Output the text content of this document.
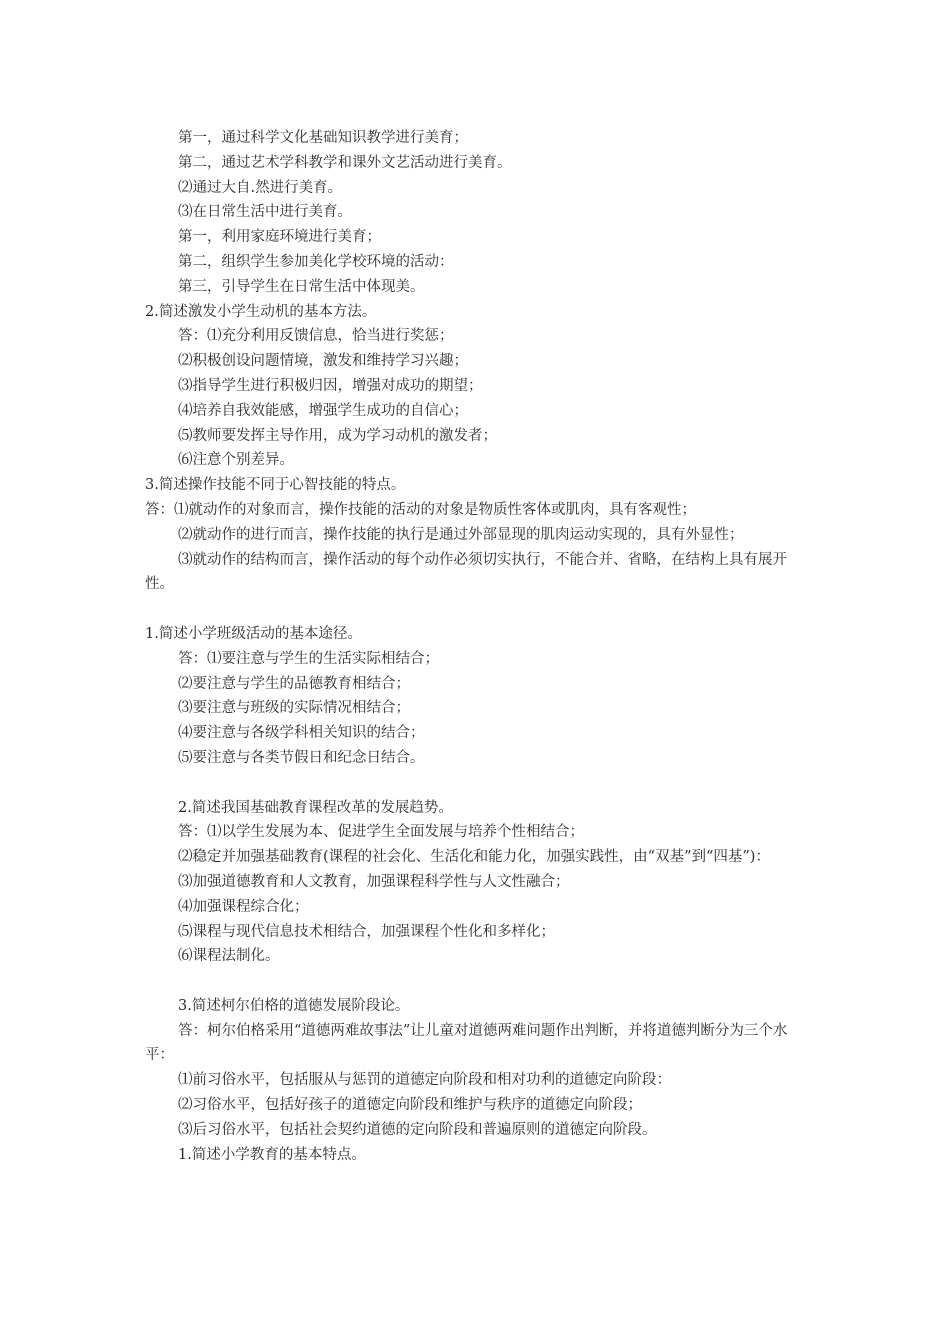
第一，通过科学文化基础知识教学进行美育；

第二，通过艺术学科教学和课外文艺活动进行美育。

⑵通过大自.然进行美育。

⑶在日常生活中进行美育。

第一，利用家庭环境进行美育；

第二，组织学生参加美化学校环境的活动：

第三，引导学生在日常生活中体现美。

2.简述激发小学生动机的基本方法。

答：⑴充分利用反馈信息，恰当进行奖惩；

⑵积极创设问题情境，激发和维持学习兴趣；

⑶指导学生进行积极归因，增强对成功的期望；

⑷培养自我效能感，增强学生成功的自信心；

⑸教师要发挥主导作用，成为学习动机的激发者；

⑹注意个别差异。

3.简述操作技能不同于心智技能的特点。

答：⑴就动作的对象而言，操作技能的活动的对象是物质性客体或肌肉，具有客观性；

⑵就动作的进行而言，操作技能的执行是通过外部显现的肌肉运动实现的，具有外显性；

⑶就动作的结构而言，操作活动的每个动作必须切实执行，不能合并、省略，在结构上具有展开性。

1.简述小学班级活动的基本途径。

答：⑴要注意与学生的生活实际相结合；

⑵要注意与学生的品德教育相结合；

⑶要注意与班级的实际情况相结合；

⑷要注意与各级学科相关知识的结合；

⑸要注意与各类节假日和纪念日结合。

2.简述我国基础教育课程改革的发展趋势。

答：⑴以学生发展为本、促进学生全面发展与培养个性相结合；

⑵稳定并加强基础教育(课程的社会化、生活化和能力化，加强实践性，由“双基”到“四基”)：

⑶加强道德教育和人文教育，加强课程科学性与人文性融合；

⑷加强课程综合化；

⑸课程与现代信息技术相结合，加强课程个性化和多样化；

⑹课程法制化。

3.简述柯尔伯格的道德发展阶段论。

答：柯尔伯格采用“道德两难故事法”让儿童对道德两难问题作出判断，并将道德判断分为三个水平：

⑴前习俗水平，包括服从与惩罚的道德定向阶段和相对功利的道德定向阶段：

⑵习俗水平，包括好孩子的道德定向阶段和维护与秩序的道德定向阶段；

⑶后习俗水平，包括社会契约道德的定向阶段和普遍原则的道德定向阶段。

1.简述小学教育的基本特点。
